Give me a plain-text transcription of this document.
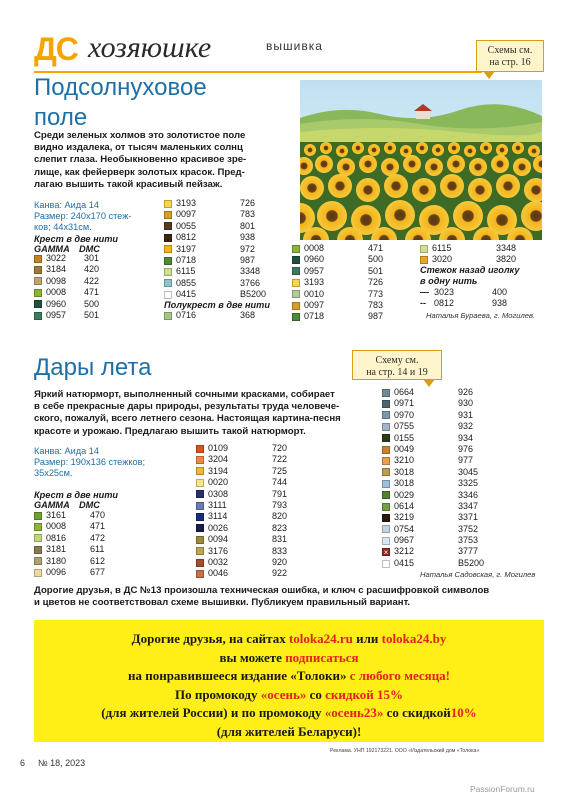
ДС хозяюшке	вышивка	Схемы см.
на стр. 16
Подсолнуховое
поле
Среди зеленых холмов это золотистое поле
видно издалека, от тысяч маленьких солнц
слепит глаза. Необыкновенно красивое зре-
лище, как фейерверк золотых красок. Пред-
лагаю вышить такой красивый пейзаж.
Канва: Аида 14
Размер: 240х170 стеж-
ков; 44х31см.
Крест в две нити
GAMMA DMC
3022	301
3184	420
0098	422
0008	471
0960	500
0957	501
3193	726
0097	783
0055	801
0812	938
3197	972
0718	987
6115	3348
0855	3766
0415	B5200
Полукрест в две нити
0716	368
0008	471
0960	500
0957	501
3193	726
0010	773
0097	783
0718	987
6115	3348
3020	3820
Стежок назад иголку
в одну нить
— 3023	400
-- 0812	938
Наталья Бураева, г. Могилев.
Схему см.
на стр. 14 и 19
Дары лета
Яркий натюрморт, выполненный сочными красками, собирает
в себе прекрасные дары природы, результаты труда человече-
ского, пожалуй, всего летнего сезона. Настоящая картина-песня
красоте и урожаю. Предлагаю вышить такой натюрморт.
Канва: Аида 14
Размер: 190х136 стежков;
35х25см.
Крест в две нити
GAMMA DMC
3161	470
0008	471
0816	472
3181	611
3180	612
0096	677
0109	720
3204	722
3194	725
0020	744
0308	791
3111	793
3114	820
0026	823
0094	831
3176	833
0032	920
0046	922
0664	926
0971	930
0970	931
0755	932
0155	934
0049	976
3210	977
3018	3045
3018	3325
0029	3346
0614	3347
3219	3371
0754	3752
0967	3753
× 3212	3777
0415	B5200
Наталья Садовская, г. Могилев
Дорогие друзья, в ДС №13 произошла техническая ошибка, и ключ с расшифровкой символов
и цветов не соответствовал схеме вышивки. Публикуем правильный вариант.
Дорогие друзья, на сайтах toloka24.ru или toloka24.by
вы можете подписаться
на понравившееся издание «Толоки» с любого месяца!
По промокоду «осень» со скидкой 15%
(для жителей России) и по промокоду «осень23» со скидкой10%
(для жителей Беларуси)!
Реклама. УНП 192173221. ООО «Издательский дом «Толока»
6 № 18, 2023
PassionForum.ru
